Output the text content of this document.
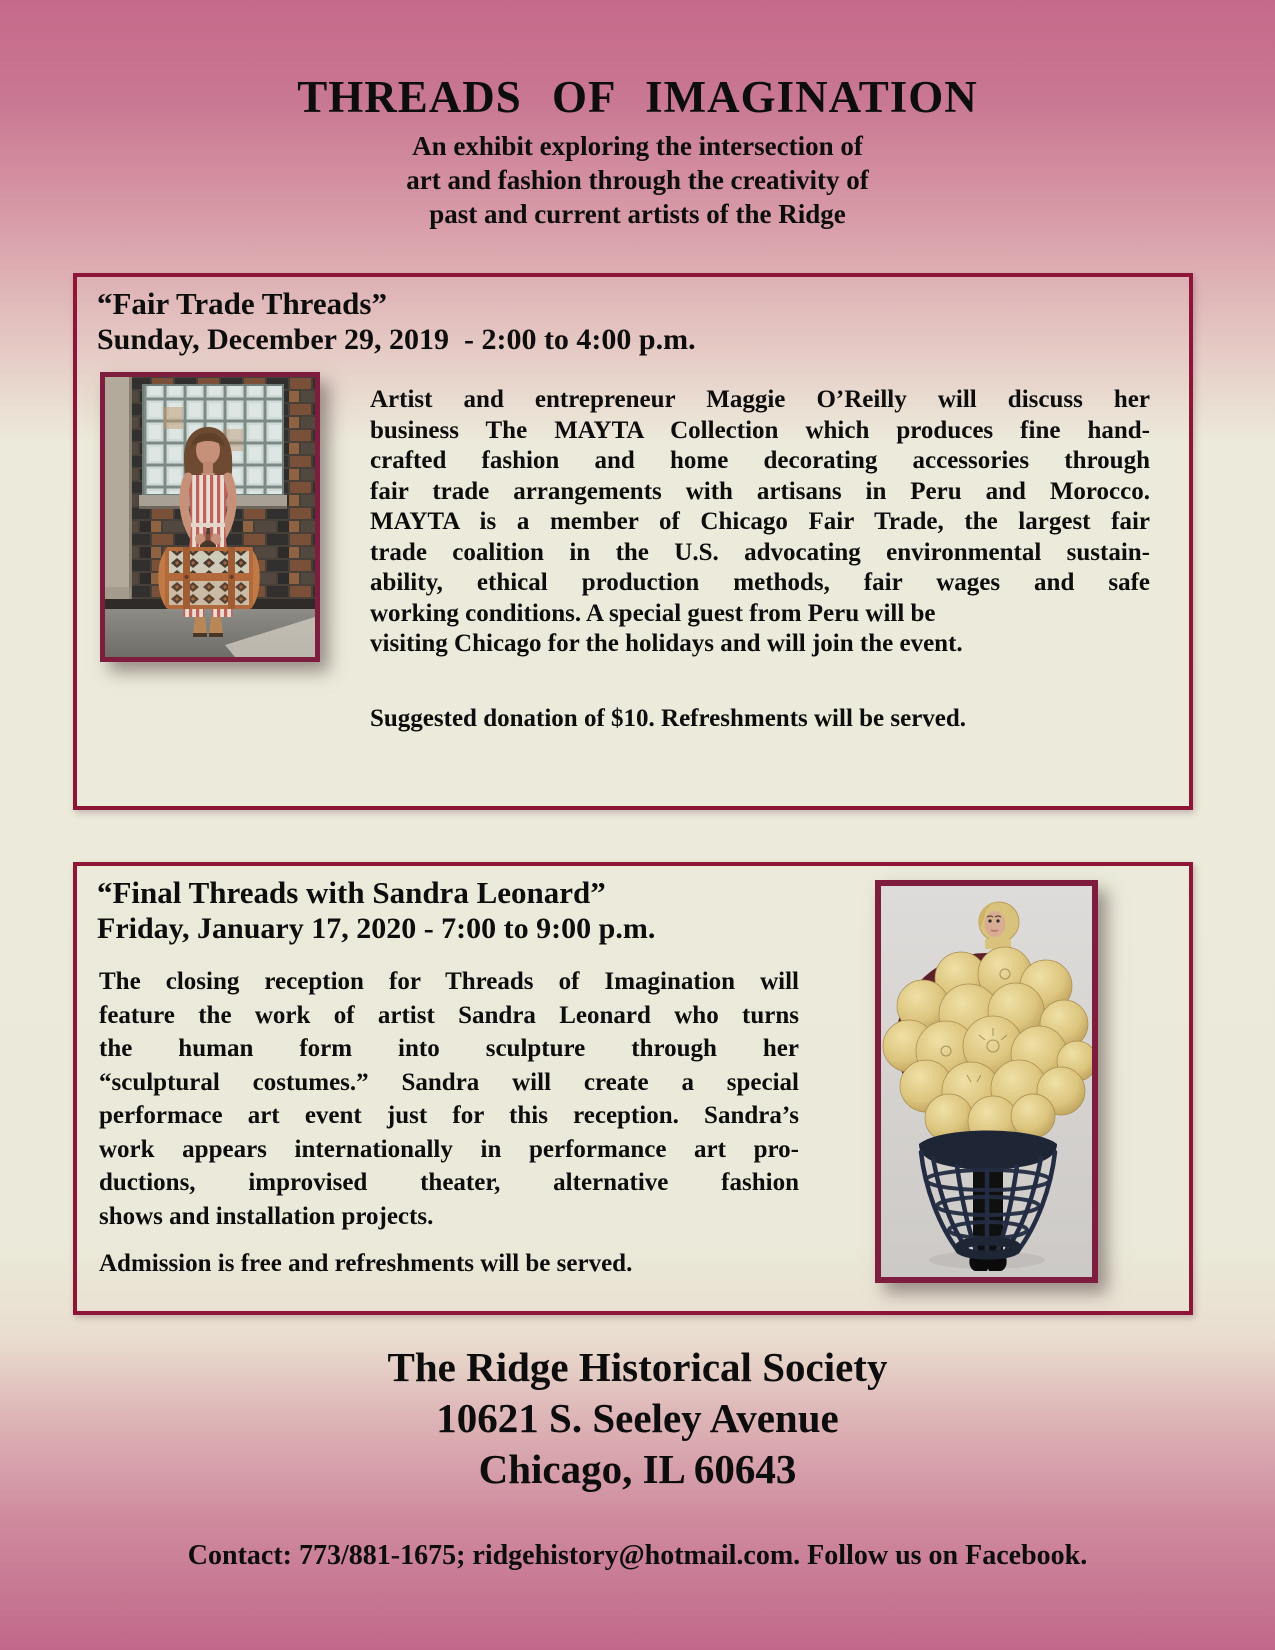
THREADS OF IMAGINATION
An exhibit exploring the intersection of
art and fashion through the creativity of
past and current artists of the Ridge
“Fair Trade Threads”
Sunday, December 29, 2019  - 2:00 to 4:00 p.m.
Artist and entrepreneur Maggie O’Reilly will discuss her
business The MAYTA Collection which produces fine hand-
crafted fashion and home decorating accessories through
fair trade arrangements with artisans in Peru and Morocco.
MAYTA is a member of Chicago Fair Trade, the largest fair
trade coalition in the U.S. advocating environmental sustain-
ability, ethical production methods, fair wages and safe
working conditions. A special guest from Peru will be
visiting Chicago for the holidays and will join the event.
Suggested donation of $10. Refreshments will be served.
“Final Threads with Sandra Leonard”
Friday, January 17, 2020 - 7:00 to 9:00 p.m.
The closing reception for Threads of Imagination will
feature the work of artist Sandra Leonard who turns
the human form into sculpture through her
“sculptural costumes.” Sandra will create a special
performace art event just for this reception. Sandra’s
work appears internationally in performance art pro-
ductions, improvised theater, alternative fashion
shows and installation projects.
Admission is free and refreshments will be served.
The Ridge Historical Society
10621 S. Seeley Avenue
Chicago, IL 60643
Contact: 773/881-1675; ridgehistory@hotmail.com. Follow us on Facebook.
